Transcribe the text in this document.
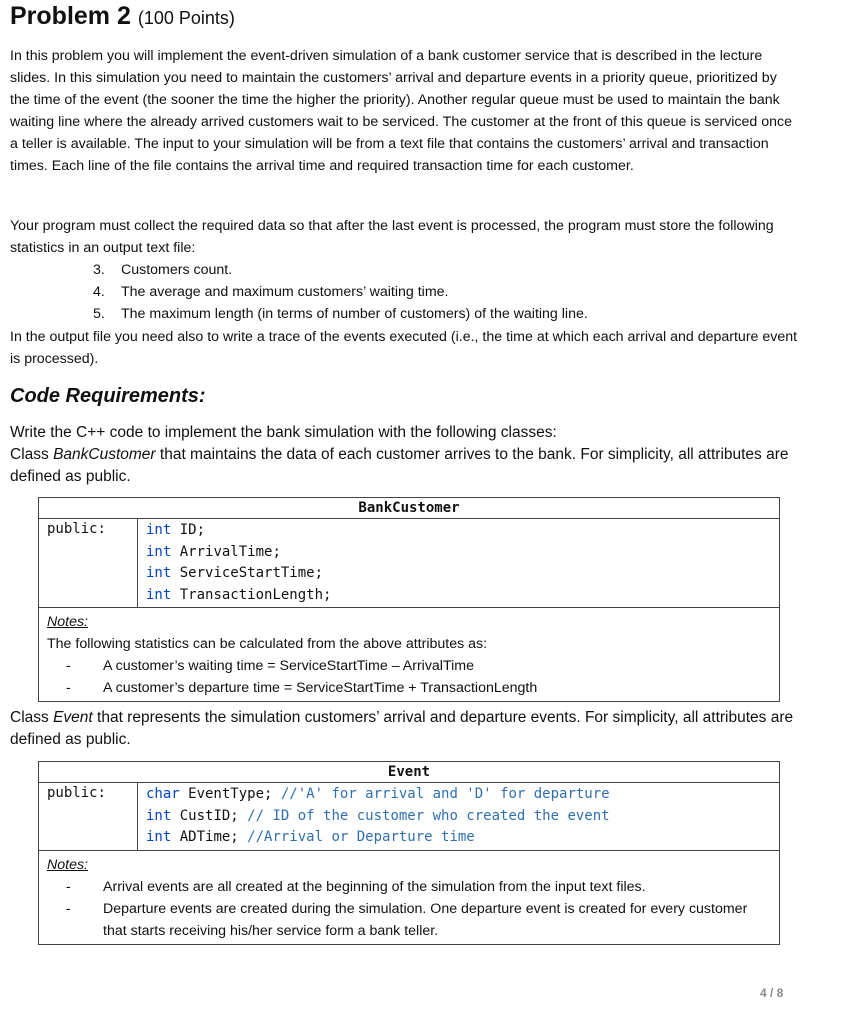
Problem 2 (100 Points)

In this problem you will implement the event-driven simulation of a bank customer service that is described in the lecture slides. In this simulation you need to maintain the customers’ arrival and departure events in a priority queue, prioritized by the time of the event (the sooner the time the higher the priority). Another regular queue must be used to maintain the bank waiting line where the already arrived customers wait to be serviced. The customer at the front of this queue is serviced once a teller is available. The input to your simulation will be from a text file that contains the customers’ arrival and transaction times. Each line of the file contains the arrival time and required transaction time for each customer.

Your program must collect the required data so that after the last event is processed, the program must store the following statistics in an output text file:

3. Customers count.
4. The average and maximum customers’ waiting time.
5. The maximum length (in terms of number of customers) of the waiting line.

In the output file you need also to write a trace of the events executed (i.e., the time at which each arrival and departure event is processed).

Code Requirements:

Write the C++ code to implement the bank simulation with the following classes:

Class BankCustomer that maintains the data of each customer arrives to the bank. For simplicity, all attributes are defined as public.

BankCustomer
public:	int ID;
int ArrivalTime;
int ServiceStartTime;
int TransactionLength;

Notes:
The following statistics can be calculated from the above attributes as:
-	A customer’s waiting time = ServiceStartTime – ArrivalTime
-	A customer’s departure time = ServiceStartTime + TransactionLength

Class Event that represents the simulation customers’ arrival and departure events. For simplicity, all attributes are defined as public.

Event
public:	char EventType; //'A' for arrival and 'D' for departure
int CustID; // ID of the customer who created the event
int ADTime; //Arrival or Departure time

Notes:
-	Arrival events are all created at the beginning of the simulation from the input text files.
-	Departure events are created during the simulation. One departure event is created for every customer that starts receiving his/her service form a bank teller.
4 / 8
